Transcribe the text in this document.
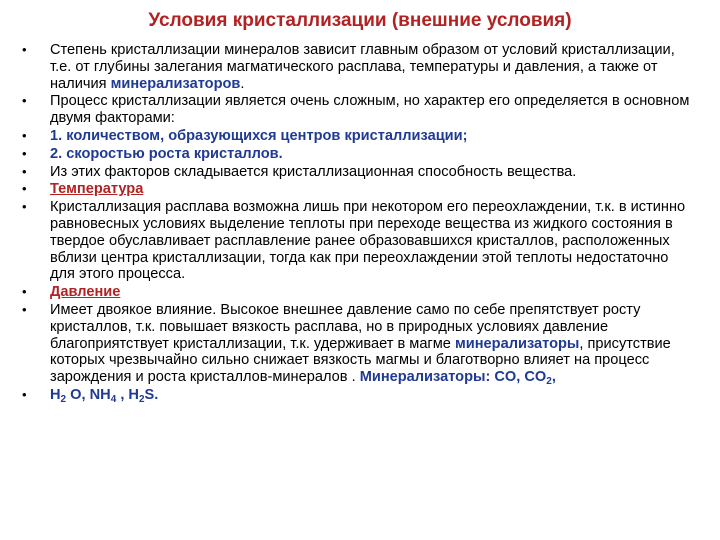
Условия кристаллизации (внешние условия)
• Степень кристаллизации минералов зависит главным образом от условий кристаллизации, т.е. от глубины залегания магматического расплава, температуры и давления, а также от наличия минерализаторов.
• Процесс кристаллизации является очень сложным, но характер его определяется в основном двумя факторами:
• 1. количеством, образующихся центров кристаллизации;
• 2. скоростью роста кристаллов.
• Из этих факторов складывается кристаллизационная способность вещества.
• Температура
• Кристаллизация расплава возможна лишь при некотором его переохлаждении, т.к. в истинно равновесных условиях выделение теплоты при переходе вещества из жидкого состояния в твердое обуславливает расплавление ранее образовавшихся кристаллов, расположенных вблизи центра кристаллизации, тогда как при переохлаждении этой теплоты недостаточно для этого процесса.
• Давление
• Имеет двоякое влияние. Высокое внешнее давление само по себе препятствует росту кристаллов, т.к. повышает вязкость расплава, но в природных условиях давление благоприятствует кристаллизации, т.к. удерживает в магме минерализаторы, присутствие которых чрезвычайно сильно снижает вязкость магмы и благотворно влияет на процесс зарождения и роста кристаллов-минералов . Минерализаторы: CO, $CO_2$,
• $H_2$ O, $NH_4$ , $H_2S$.
